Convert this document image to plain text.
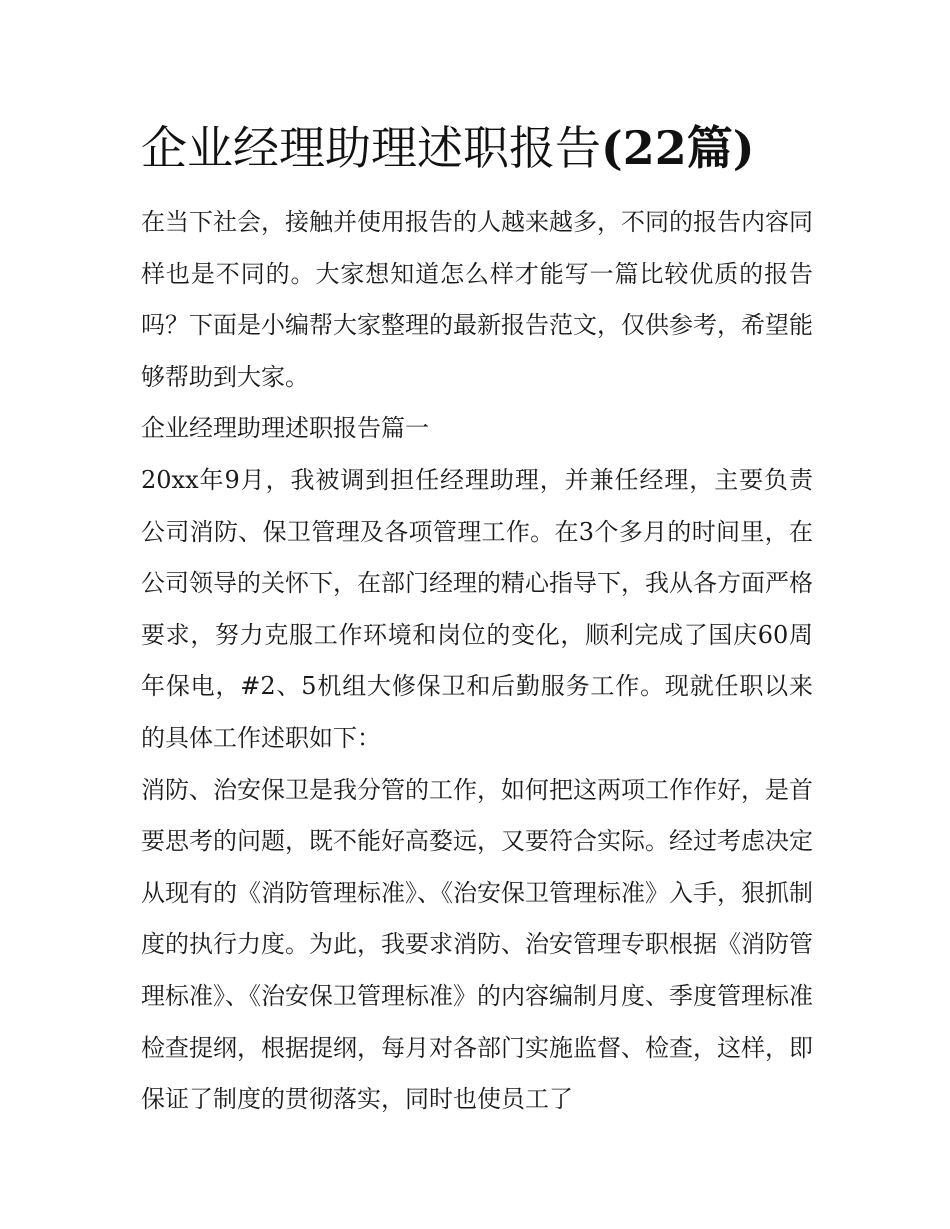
企业经理助理述职报告(22篇)

在当下社会，接触并使用报告的人越来越多，不同的报告内容同样也是不同的。大家想知道怎么样才能写一篇比较优质的报告吗？下面是小编帮大家整理的最新报告范文，仅供参考，希望能够帮助到大家。

企业经理助理述职报告篇一

20xx年9月，我被调到担任经理助理，并兼任经理，主要负责公司消防、保卫管理及各项管理工作。在3个多月的时间里，在公司领导的关怀下，在部门经理的精心指导下，我从各方面严格要求，努力克服工作环境和岗位的变化，顺利完成了国庆60周年保电，#2、5机组大修保卫和后勤服务工作。现就任职以来的具体工作述职如下：

消防、治安保卫是我分管的工作，如何把这两项工作作好，是首要思考的问题，既不能好高婺远，又要符合实际。经过考虑决定从现有的《消防管理标准》、《治安保卫管理标准》入手，狠抓制度的执行力度。为此，我要求消防、治安管理专职根据《消防管理标准》、《治安保卫管理标准》的内容编制月度、季度管理标准检查提纲，根据提纲，每月对各部门实施监督、检查，这样，即保证了制度的贯彻落实，同时也使员工了
